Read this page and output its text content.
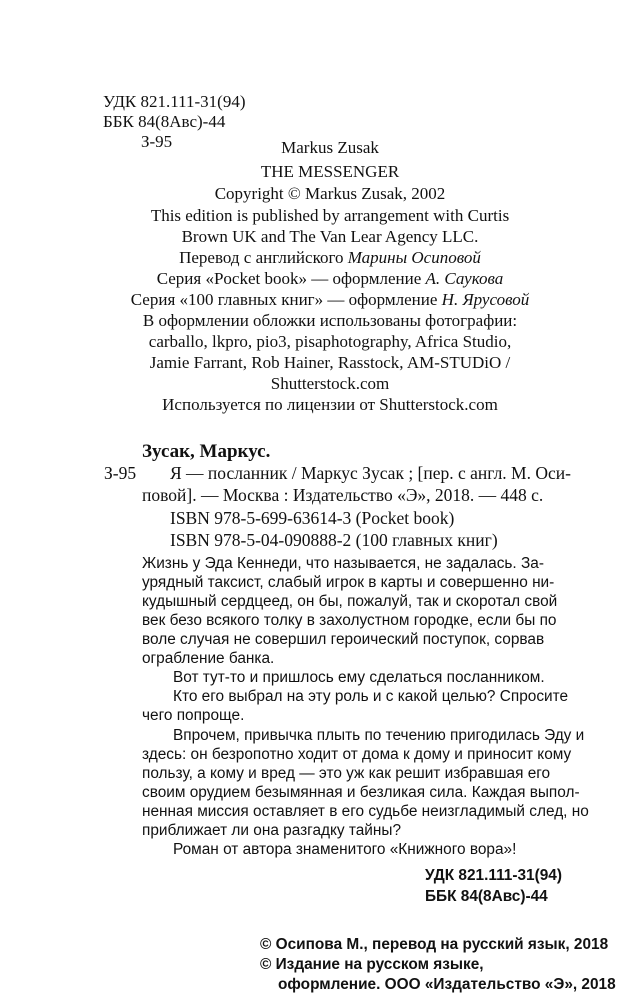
УДК 821.111-31(94)
ББК 84(8Авс)-44
З-95	Markus Zusak
THE MESSENGER
Copyright © Markus Zusak, 2002
This edition is published by arrangement with Curtis
Brown UK and The Van Lear Agency LLC.
Перевод с английского Марины Осиповой
Серия «Pocket book» — оформление А. Саукова
Серия «100 главных книг» — оформление Н. Ярусовой
В оформлении обложки использованы фотографии:
carballo, lkpro, pio3, pisaphotography, Africa Studio,
Jamie Farrant, Rob Hainer, Rasstock, AM-STUDiO /
Shutterstock.com
Используется по лицензии от Shutterstock.com
Зусак, Маркус.
З-95 Я — посланник / Маркус Зусак ; [пер. с англ. М. Оси-
повой]. — Москва : Издательство «Э», 2018. — 448 с.
ISBN 978-5-699-63614-3 (Pocket book)
ISBN 978-5-04-090888-2 (100 главных книг)
Жизнь у Эда Кеннеди, что называется, не задалась. За-
урядный таксист, слабый игрок в карты и совершенно ни-
кудышный сердцеед, он бы, пожалуй, так и скоротал свой
век безо всякого толку в захолустном городке, если бы по
воле случая не совершил героический поступок, сорвав
ограбление банка.
Вот тут-то и пришлось ему сделаться посланником.
Кто его выбрал на эту роль и с какой целью? Спросите
чего попроще.
Впрочем, привычка плыть по течению пригодилась Эду и
здесь: он безропотно ходит от дома к дому и приносит кому
пользу, а кому и вред — это уж как решит избравшая его
своим орудием безымянная и безликая сила. Каждая выпол-
ненная миссия оставляет в его судьбе неизгладимый след, но
приближает ли она разгадку тайны?
Роман от автора знаменитого «Книжного вора»!
УДК 821.111-31(94)
ББК 84(8Авс)-44
© Осипова М., перевод на русский язык, 2018
© Издание на русском языке,
оформление. ООО «Издательство «Э», 2018
